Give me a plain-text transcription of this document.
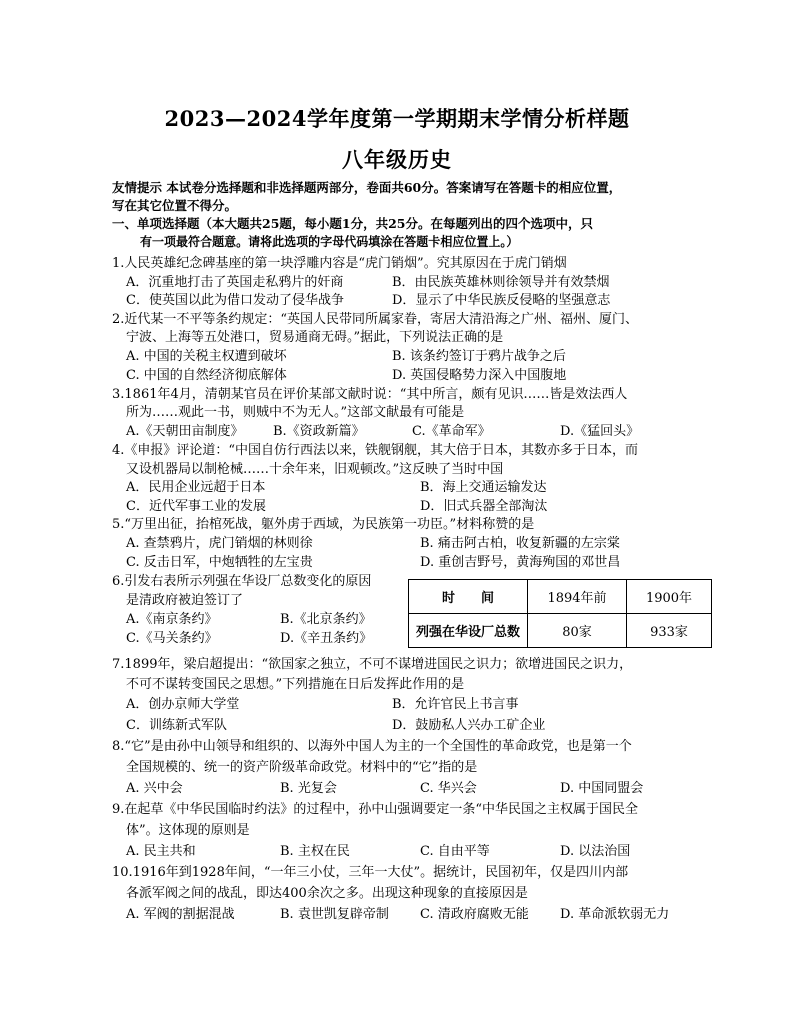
2023—2024学年度第一学期期末学情分析样题
八年级历史
友情提示 本试卷分选择题和非选择题两部分，卷面共60分。答案请写在答题卡的相应位置，
写在其它位置不得分。
一、单项选择题（本大题共25题，每小题1分，共25分。在每题列出的四个选项中，只
有一项最符合题意。请将此选项的字母代码填涂在答题卡相应位置上。）
1.人民英雄纪念碑基座的第一块浮雕内容是“虎门销烟”。究其原因在于虎门销烟
A．沉重地打击了英国走私鸦片的奸商	B．由民族英雄林则徐领导并有效禁烟
C．使英国以此为借口发动了侵华战争	D．显示了中华民族反侵略的坚强意志
2.近代某一不平等条约规定：“英国人民带同所属家眷，寄居大清沿海之广州、福州、厦门、
宁波、上海等五处港口，贸易通商无碍。”据此，下列说法正确的是
A. 中国的关税主权遭到破坏	B. 该条约签订于鸦片战争之后
C. 中国的自然经济彻底解体	D. 英国侵略势力深入中国腹地
3.1861年4月，清朝某官员在评价某部文献时说：“其中所言，颇有见识……皆是效法西人
所为……观此一书，则贼中不为无人。”这部文献最有可能是
A.《天朝田亩制度》 B.《资政新篇》	C.《革命军》	D.《猛回头》
4.《申报》评论道：“中国自仿行西法以来，铁舰钢舰，其大倍于日本，其数亦多于日本，而
又设机器局以制枪械……十余年来，旧观顿改。”这反映了当时中国
A．民用企业远超于日本	B．海上交通运输发达
C．近代军事工业的发展	D．旧式兵器全部淘汰
5.“万里出征，抬棺死战，躯外虏于西域，为民族第一功臣。”材料称赞的是
A. 查禁鸦片，虎门销烟的林则徐	B. 痛击阿古柏，收复新疆的左宗棠
C. 反击日军，中炮牺牲的左宝贵	D. 重创吉野号，黄海殉国的邓世昌
6.引发右表所示列强在华设厂总数变化的原因
是清政府被迫签订了
A.《南京条约》	B.《北京条约》
C.《马关条约》	D.《辛丑条约》
时　　间	1894年前	1900年
列强在华设厂总数	80家	933家
7.1899年，梁启超提出：“欲国家之独立，不可不谋增进国民之识力；欲增进国民之识力，
不可不谋转变国民之思想。”下列措施在日后发挥此作用的是
A．创办京师大学堂	B．允许官民上书言事
C．训练新式军队	D．鼓励私人兴办工矿企业
8.“它”是由孙中山领导和组织的、以海外中国人为主的一个全国性的革命政党，也是第一个
全国规模的、统一的资产阶级革命政党。材料中的“它”指的是
A. 兴中会	B. 光复会	C. 华兴会	D. 中国同盟会
9.在起草《中华民国临时约法》的过程中，孙中山强调要定一条“中华民国之主权属于国民全
体”。这体现的原则是
A. 民主共和	B. 主权在民	C. 自由平等	D. 以法治国
10.1916年到1928年间，“一年三小仗，三年一大仗”。据统计，民国初年，仅是四川内部
各派军阀之间的战乱，即达400余次之多。出现这种现象的直接原因是
A. 军阀的割据混战	B. 袁世凯复辟帝制 C. 清政府腐败无能 D. 革命派软弱无力
